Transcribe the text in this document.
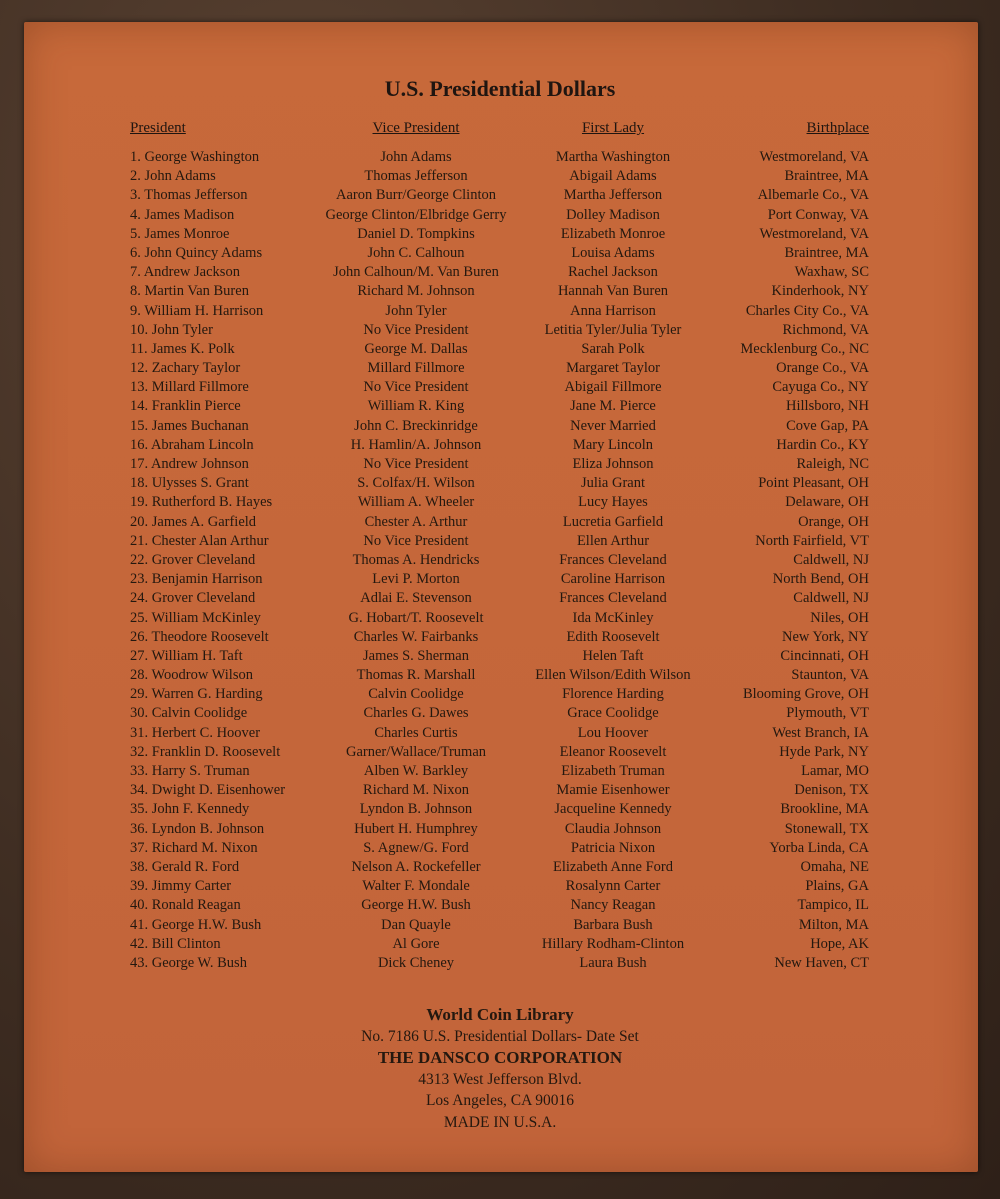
U.S. Presidential Dollars
President	Vice President	First Lady	Birthplace
1. George Washington	John Adams	Martha Washington	Westmoreland, VA
2. John Adams	Thomas Jefferson	Abigail Adams	Braintree, MA
3. Thomas Jefferson	Aaron Burr/George Clinton	Martha Jefferson	Albemarle Co., VA
4. James Madison	George Clinton/Elbridge Gerry	Dolley Madison	Port Conway, VA
5. James Monroe	Daniel D. Tompkins	Elizabeth Monroe	Westmoreland, VA
6. John Quincy Adams	John C. Calhoun	Louisa Adams	Braintree, MA
7. Andrew Jackson	John Calhoun/M. Van Buren	Rachel Jackson	Waxhaw, SC
8. Martin Van Buren	Richard M. Johnson	Hannah Van Buren	Kinderhook, NY
9. William H. Harrison	John Tyler	Anna Harrison	Charles City Co., VA
10. John Tyler	No Vice President	Letitia Tyler/Julia Tyler	Richmond, VA
11. James K. Polk	George M. Dallas	Sarah Polk	Mecklenburg Co., NC
12. Zachary Taylor	Millard Fillmore	Margaret Taylor	Orange Co., VA
13. Millard Fillmore	No Vice President	Abigail Fillmore	Cayuga Co., NY
14. Franklin Pierce	William R. King	Jane M. Pierce	Hillsboro, NH
15. James Buchanan	John C. Breckinridge	Never Married	Cove Gap, PA
16. Abraham Lincoln	H. Hamlin/A. Johnson	Mary Lincoln	Hardin Co., KY
17. Andrew Johnson	No Vice President	Eliza Johnson	Raleigh, NC
18. Ulysses S. Grant	S. Colfax/H. Wilson	Julia Grant	Point Pleasant, OH
19. Rutherford B. Hayes	William A. Wheeler	Lucy Hayes	Delaware, OH
20. James A. Garfield	Chester A. Arthur	Lucretia Garfield	Orange, OH
21. Chester Alan Arthur	No Vice President	Ellen Arthur	North Fairfield, VT
22. Grover Cleveland	Thomas A. Hendricks	Frances Cleveland	Caldwell, NJ
23. Benjamin Harrison	Levi P. Morton	Caroline Harrison	North Bend, OH
24. Grover Cleveland	Adlai E. Stevenson	Frances Cleveland	Caldwell, NJ
25. William McKinley	G. Hobart/T. Roosevelt	Ida McKinley	Niles, OH
26. Theodore Roosevelt	Charles W. Fairbanks	Edith Roosevelt	New York, NY
27. William H. Taft	James S. Sherman	Helen Taft	Cincinnati, OH
28. Woodrow Wilson	Thomas R. Marshall	Ellen Wilson/Edith Wilson	Staunton, VA
29. Warren G. Harding	Calvin Coolidge	Florence Harding	Blooming Grove, OH
30. Calvin Coolidge	Charles G. Dawes	Grace Coolidge	Plymouth, VT
31. Herbert C. Hoover	Charles Curtis	Lou Hoover	West Branch, IA
32. Franklin D. Roosevelt	Garner/Wallace/Truman	Eleanor Roosevelt	Hyde Park, NY
33. Harry S. Truman	Alben W. Barkley	Elizabeth Truman	Lamar, MO
34. Dwight D. Eisenhower	Richard M. Nixon	Mamie Eisenhower	Denison, TX
35. John F. Kennedy	Lyndon B. Johnson	Jacqueline Kennedy	Brookline, MA
36. Lyndon B. Johnson	Hubert H. Humphrey	Claudia Johnson	Stonewall, TX
37. Richard M. Nixon	S. Agnew/G. Ford	Patricia Nixon	Yorba Linda, CA
38. Gerald R. Ford	Nelson A. Rockefeller	Elizabeth Anne Ford	Omaha, NE
39. Jimmy Carter	Walter F. Mondale	Rosalynn Carter	Plains, GA
40. Ronald Reagan	George H.W. Bush	Nancy Reagan	Tampico, IL
41. George H.W. Bush	Dan Quayle	Barbara Bush	Milton, MA
42. Bill Clinton	Al Gore	Hillary Rodham-Clinton	Hope, AK
43. George W. Bush	Dick Cheney	Laura Bush	New Haven, CT
World Coin Library
No. 7186 U.S. Presidential Dollars- Date Set
THE DANSCO CORPORATION
4313 West Jefferson Blvd.
Los Angeles, CA 90016
MADE IN U.S.A.
